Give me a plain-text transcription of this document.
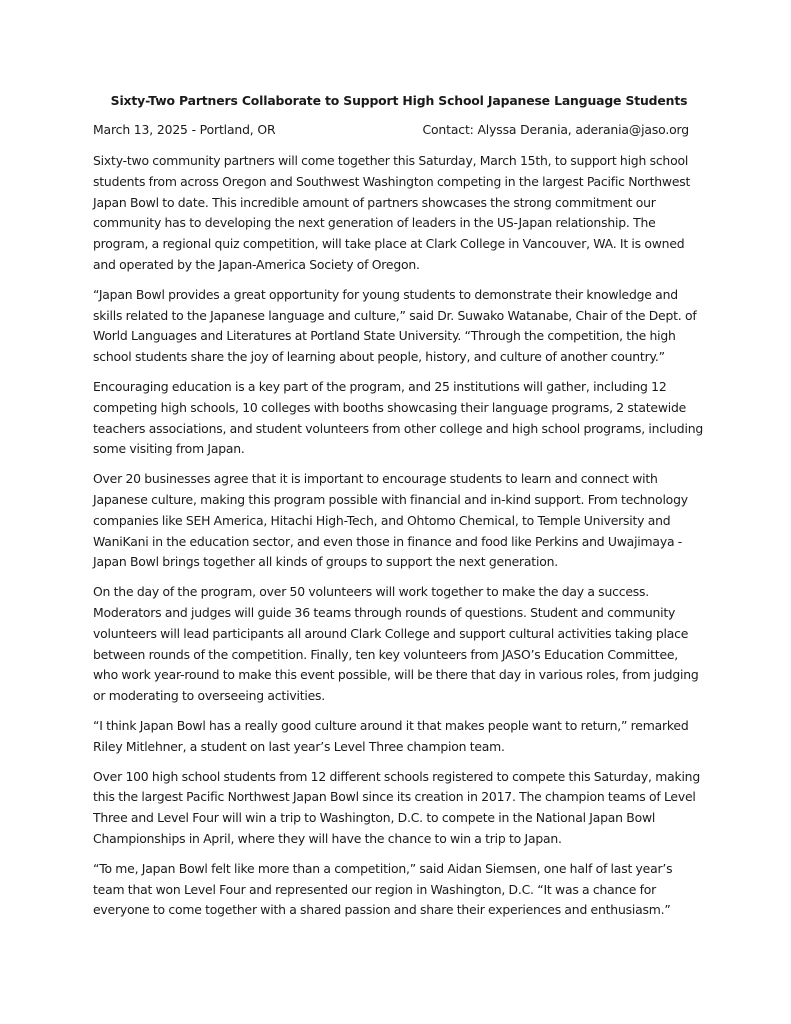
Sixty-Two Partners Collaborate to Support High School Japanese Language Students
March 13, 2025 - Portland, OR	Contact: Alyssa Derania, aderania@jaso.org

Sixty-two community partners will come together this Saturday, March 15th, to support high school students from across Oregon and Southwest Washington competing in the largest Pacific Northwest Japan Bowl to date. This incredible amount of partners showcases the strong commitment our community has to developing the next generation of leaders in the US-Japan relationship. The program, a regional quiz competition, will take place at Clark College in Vancouver, WA. It is owned and operated by the Japan-America Society of Oregon.

“Japan Bowl provides a great opportunity for young students to demonstrate their knowledge and skills related to the Japanese language and culture,” said Dr. Suwako Watanabe, Chair of the Dept. of World Languages and Literatures at Portland State University. “Through the competition, the high school students share the joy of learning about people, history, and culture of another country.”

Encouraging education is a key part of the program, and 25 institutions will gather, including 12 competing high schools, 10 colleges with booths showcasing their language programs, 2 statewide teachers associations, and student volunteers from other college and high school programs, including some visiting from Japan.

Over 20 businesses agree that it is important to encourage students to learn and connect with Japanese culture, making this program possible with financial and in-kind support. From technology companies like SEH America, Hitachi High-Tech, and Ohtomo Chemical, to Temple University and WaniKani in the education sector, and even those in finance and food like Perkins and Uwajimaya - Japan Bowl brings together all kinds of groups to support the next generation.

On the day of the program, over 50 volunteers will work together to make the day a success. Moderators and judges will guide 36 teams through rounds of questions. Student and community volunteers will lead participants all around Clark College and support cultural activities taking place between rounds of the competition. Finally, ten key volunteers from JASO’s Education Committee, who work year-round to make this event possible, will be there that day in various roles, from judging or moderating to overseeing activities.

“I think Japan Bowl has a really good culture around it that makes people want to return,” remarked Riley Mitlehner, a student on last year’s Level Three champion team.

Over 100 high school students from 12 different schools registered to compete this Saturday, making this the largest Pacific Northwest Japan Bowl since its creation in 2017. The champion teams of Level Three and Level Four will win a trip to Washington, D.C. to compete in the National Japan Bowl Championships in April, where they will have the chance to win a trip to Japan.

“To me, Japan Bowl felt like more than a competition,” said Aidan Siemsen, one half of last year’s team that won Level Four and represented our region in Washington, D.C. “It was a chance for everyone to come together with a shared passion and share their experiences and enthusiasm.”
